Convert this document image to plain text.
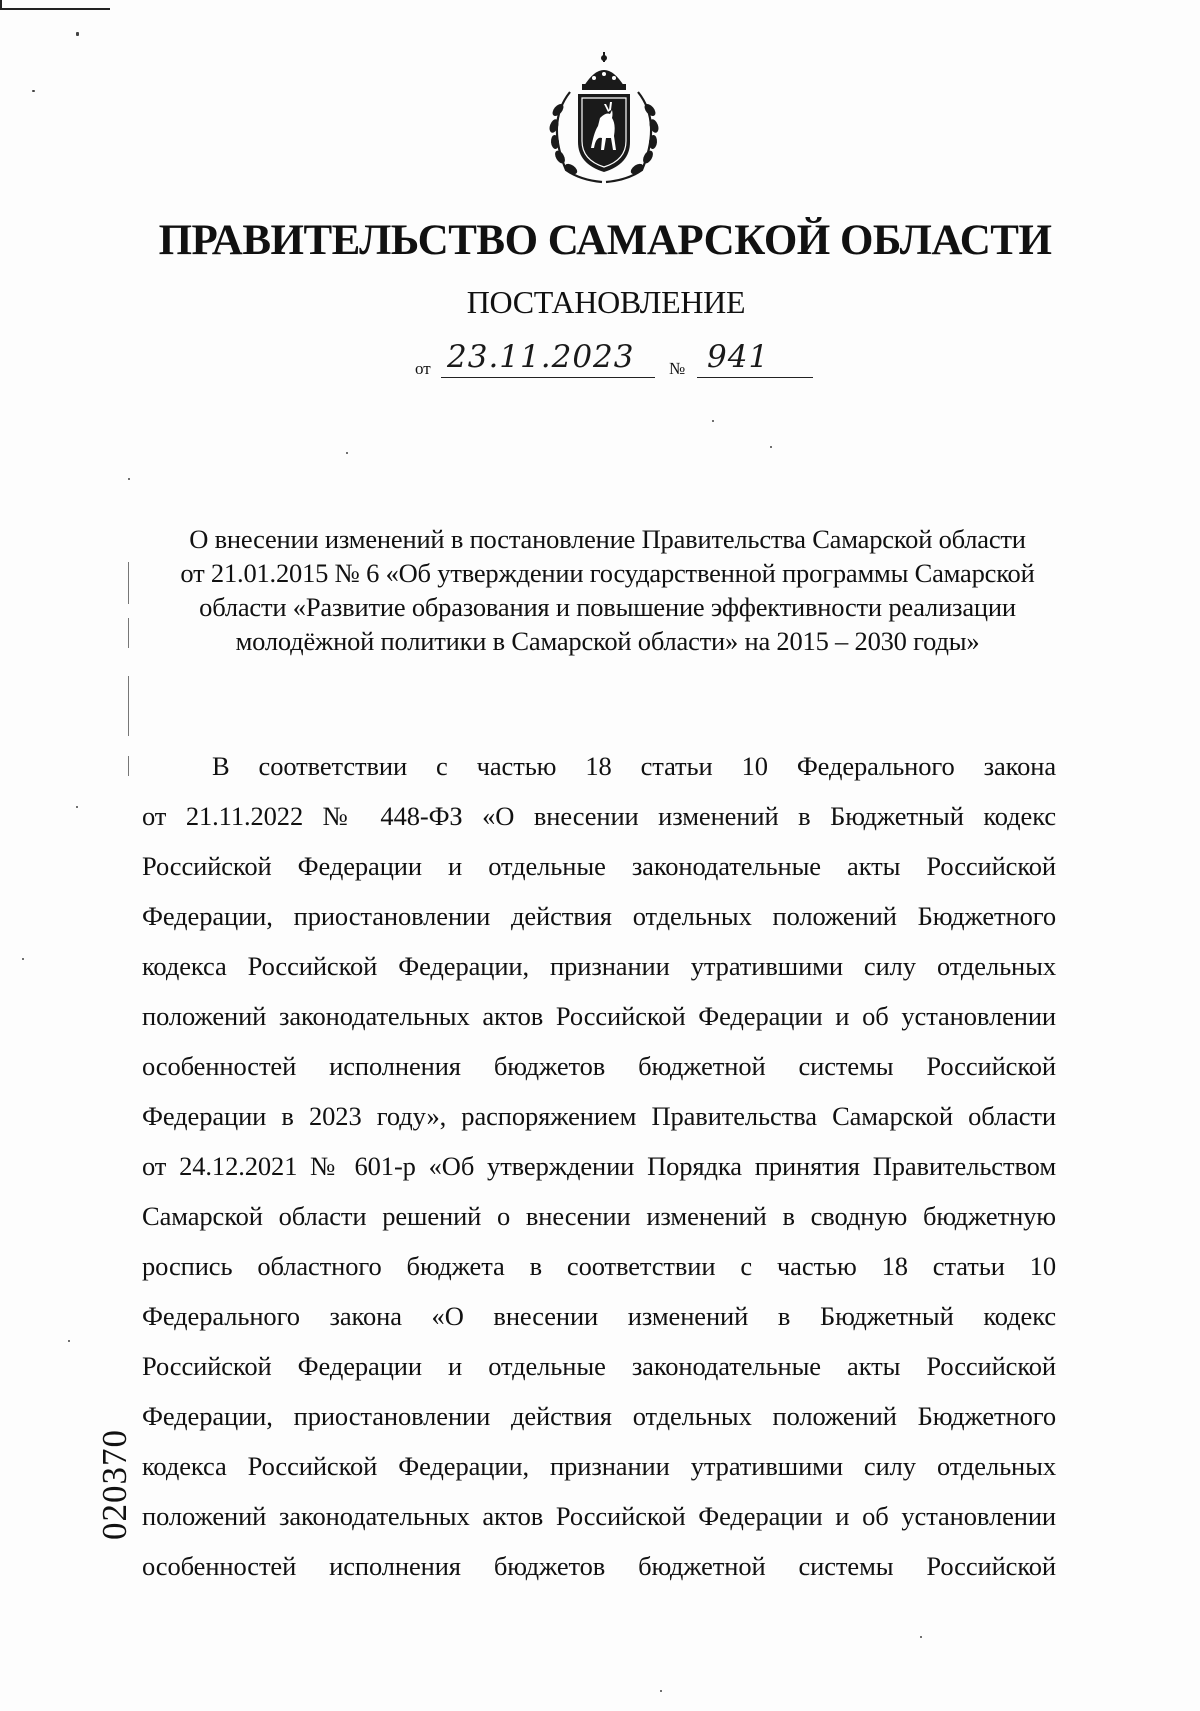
ПРАВИТЕЛЬСТВО САМАРСКОЙ ОБЛАСТИ
ПОСТАНОВЛЕНИЕ
от 23.11.2023 № 941
О внесении изменений в постановление Правительства Самарской области
от 21.01.2015 № 6 «Об утверждении государственной программы Самарской
области «Развитие образования и повышение эффективности реализации
молодёжной политики в Самарской области» на 2015 – 2030 годы»
В соответствии с частью 18 статьи 10 Федерального закона
от 21.11.2022 № 448-ФЗ «О внесении изменений в Бюджетный кодекс
Российской Федерации и отдельные законодательные акты Российской
Федерации, приостановлении действия отдельных положений Бюджетного
кодекса Российской Федерации, признании утратившими силу отдельных
положений законодательных актов Российской Федерации и об установлении
особенностей исполнения бюджетов бюджетной системы Российской
Федерации в 2023 году», распоряжением Правительства Самарской области
от 24.12.2021 № 601-р «Об утверждении Порядка принятия Правительством
Самарской области решений о внесении изменений в сводную бюджетную
роспись областного бюджета в соответствии с частью 18 статьи 10
Федерального закона «О внесении изменений в Бюджетный кодекс
Российской Федерации и отдельные законодательные акты Российской
Федерации, приостановлении действия отдельных положений Бюджетного
кодекса Российской Федерации, признании утратившими силу отдельных
положений законодательных актов Российской Федерации и об установлении
особенностей исполнения бюджетов бюджетной системы Российской
020370
